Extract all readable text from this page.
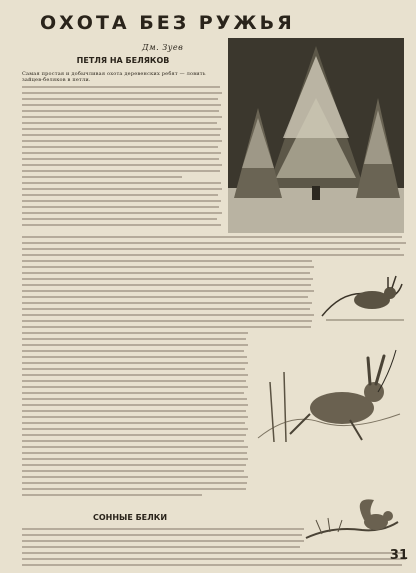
ОХОТА БЕЗ РУЖЬЯ
Дм. Зуев
ПЕТЛЯ НА БЕЛЯКОВ
Самая простая и добычливая охота деревенских ребят — ловить зайцев-беляков в петли.
СОННЫЕ БЕЛКИ
31
